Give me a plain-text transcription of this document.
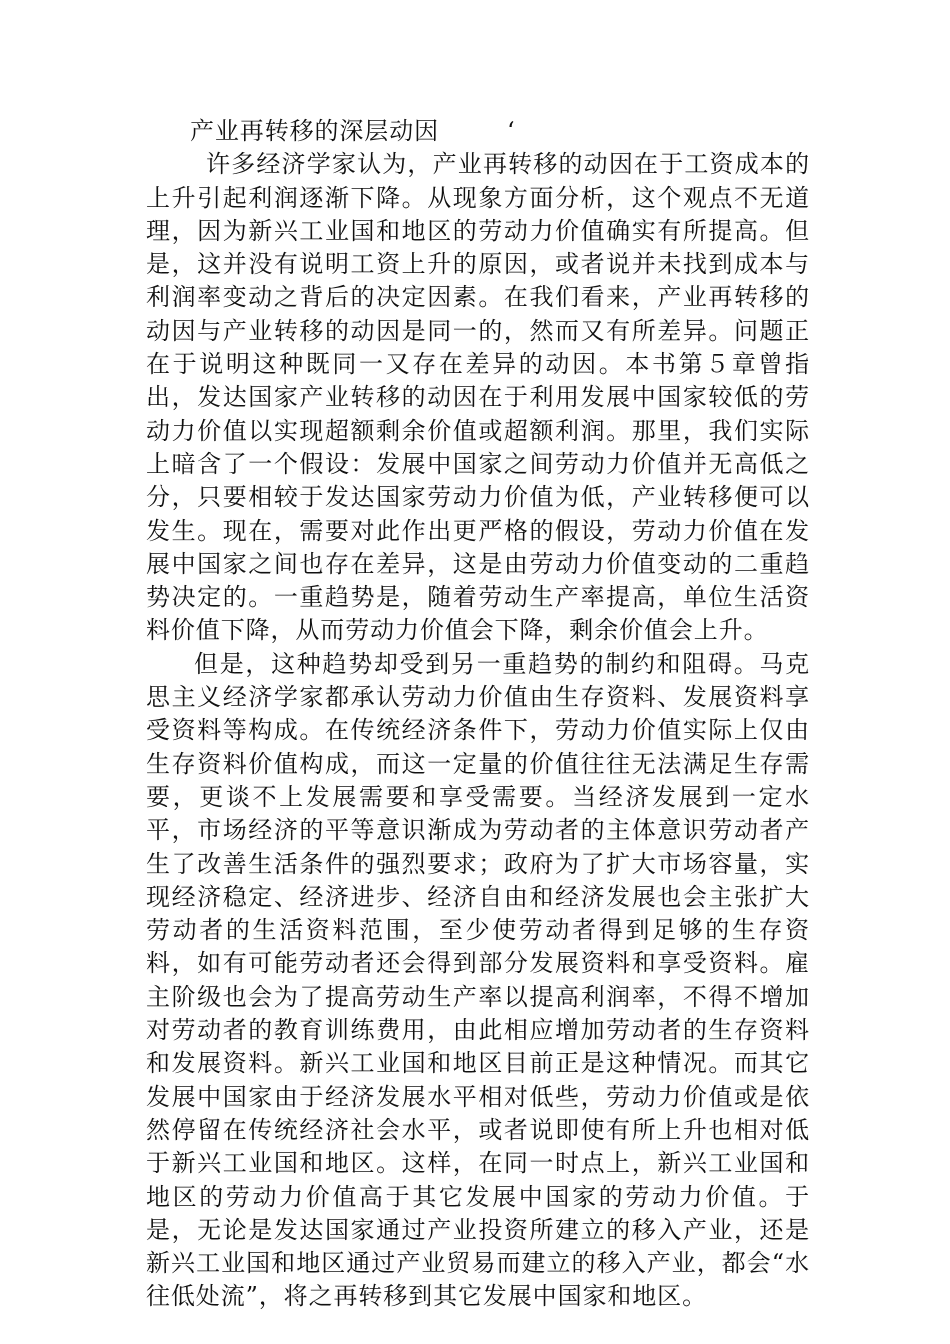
产业再转移的深层动因	‘

许多经济学家认为，产业再转移的动因在于工资成本的上升引起利润逐渐下降。从现象方面分析，这个观点不无道理，因为新兴工业国和地区的劳动力价值确实有所提高。但是，这并没有说明工资上升的原因，或者说并未找到成本与利润率变动之背后的决定因素。在我们看来，产业再转移的动因与产业转移的动因是同一的，然而又有所差异。问题正在于说明这种既同一又存在差异的动因。本书第５章曾指出，发达国家产业转移的动因在于利用发展中国家较低的劳动力价值以实现超额剩余价值或超额利润。那里，我们实际上暗含了一个假设：发展中国家之间劳动力价值并无高低之分，只要相较于发达国家劳动力价值为低，产业转移便可以发生。现在，需要对此作出更严格的假设，劳动力价值在发展中国家之间也存在差异，这是由劳动力价值变动的二重趋势决定的。一重趋势是，随着劳动生产率提高，单位生活资料价值下降，从而劳动力价值会下降，剩余价值会上升。

但是，这种趋势却受到另一重趋势的制约和阻碍。马克思主义经济学家都承认劳动力价值由生存资料、发展资料享受资料等构成。在传统经济条件下，劳动力价值实际上仅由生存资料价值构成，而这一定量的价值往往无法满足生存需要，更谈不上发展需要和享受需要。当经济发展到一定水平，市场经济的平等意识渐成为劳动者的主体意识劳动者产生了改善生活条件的强烈要求；政府为了扩大市场容量，实现经济稳定、经济进步、经济自由和经济发展也会主张扩大劳动者的生活资料范围，至少使劳动者得到足够的生存资料，如有可能劳动者还会得到部分发展资料和享受资料。雇主阶级也会为了提高劳动生产率以提高利润率，不得不增加对劳动者的教育训练费用，由此相应增加劳动者的生存资料和发展资料。新兴工业国和地区目前正是这种情况。而其它发展中国家由于经济发展水平相对低些，劳动力价值或是依然停留在传统经济社会水平，或者说即使有所上升也相对低于新兴工业国和地区。这样，在同一时点上，新兴工业国和地区的劳动力价值高于其它发展中国家的劳动力价值。于是，无论是发达国家通过产业投资所建立的移入产业，还是新兴工业国和地区通过产业贸易而建立的移入产业，都会“水往低处流”，将之再转移到其它发展中国家和地区。
